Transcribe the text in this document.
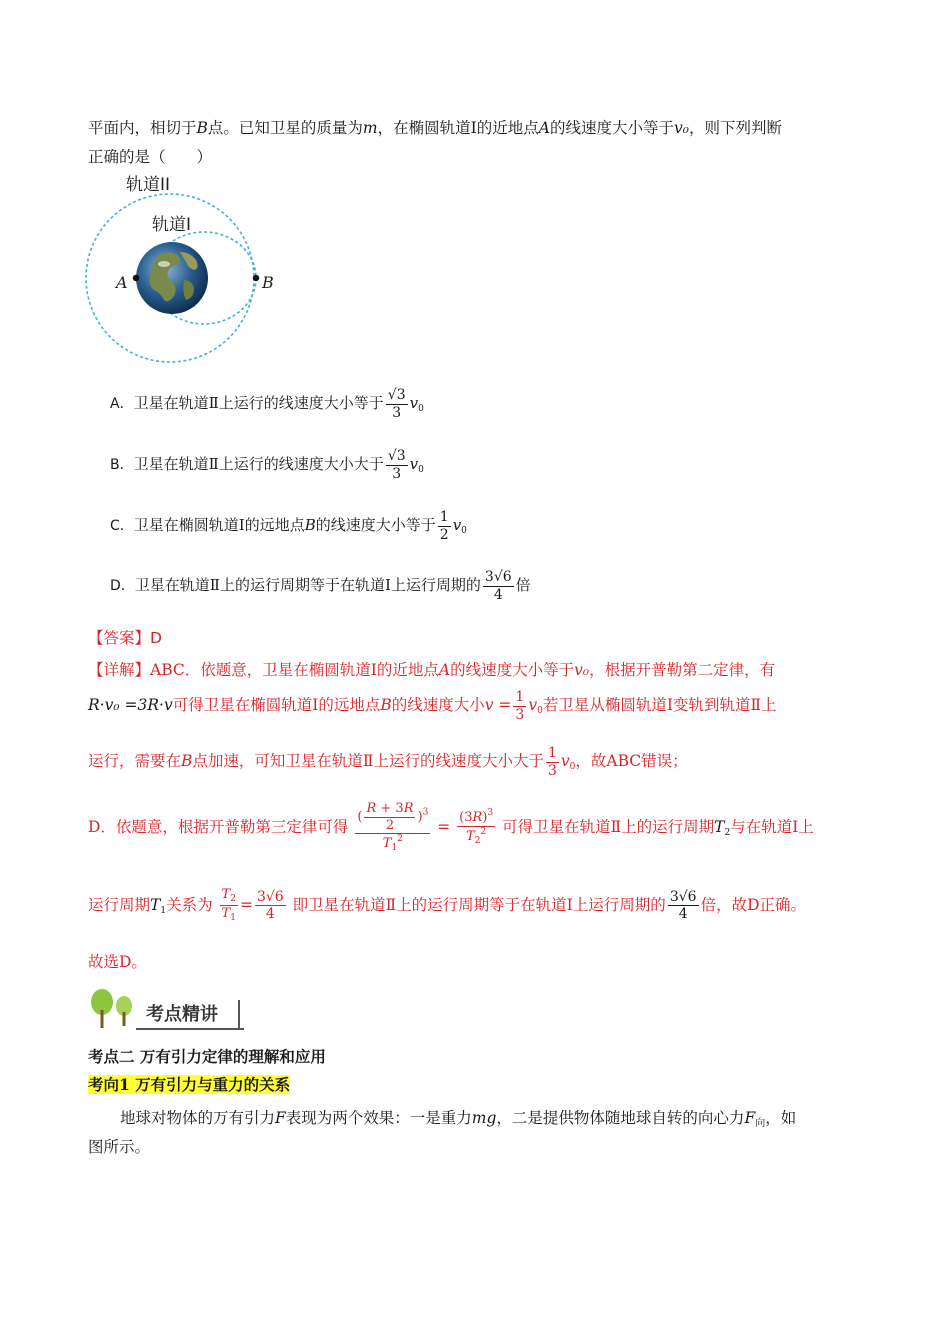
平面内，相切于B点。已知卫星的质量为m，在椭圆轨道Ⅰ的近地点A的线速度大小等于v₀，则下列判断
正确的是（　　）
轨道II
轨道I
A	B
A．卫星在轨道Ⅱ上运行的线速度大小等于 $\frac{√3}{3} v_0$
B．卫星在轨道Ⅱ上运行的线速度大小大于 $\frac{√3}{3} v_0$
C．卫星在椭圆轨道Ⅰ的远地点B的线速度大小等于 $\frac{1}{2} v_0$
D．卫星在轨道Ⅱ上的运行周期等于在轨道Ⅰ上运行周期的 $\frac{3√6}{4}$ 倍
【答案】D
【详解】ABC．依题意，卫星在椭圆轨道Ⅰ的近地点A的线速度大小等于v₀，根据开普勒第二定律，有
R·v₀ =3R·v可得卫星在椭圆轨道Ⅰ的远地点B的线速度大小$v = \frac{1}{3} v_0$若卫星从椭圆轨道Ⅰ变轨到轨道Ⅱ上
运行，需要在B点加速，可知卫星在轨道Ⅱ上运行的线速度大小大于 $\frac{1}{3} v_0$，故ABC错误；
D．依题意，根据开普勒第三定律可得 $\frac{( \frac{R + 3R}{2} )^3}{T_1^2} = \frac{(3R)^3}{T_2^2}$ 可得卫星在轨道Ⅱ上的运行周期$T_2$与在轨道Ⅰ上
运行周期$T_1$关系为 $\frac{T_2}{T_1} = \frac{3√6}{4}$ 即卫星在轨道Ⅱ上的运行周期等于在轨道Ⅰ上运行周期的 $\frac{3√6}{4}$ 倍，故D正确。
故选D。
考点精讲
考点二 万有引力定律的理解和应用
考向1 万有引力与重力的关系
地球对物体的万有引力F表现为两个效果：一是重力mg，二是提供物体随地球自转的向心力$F_向$，如
图所示。
